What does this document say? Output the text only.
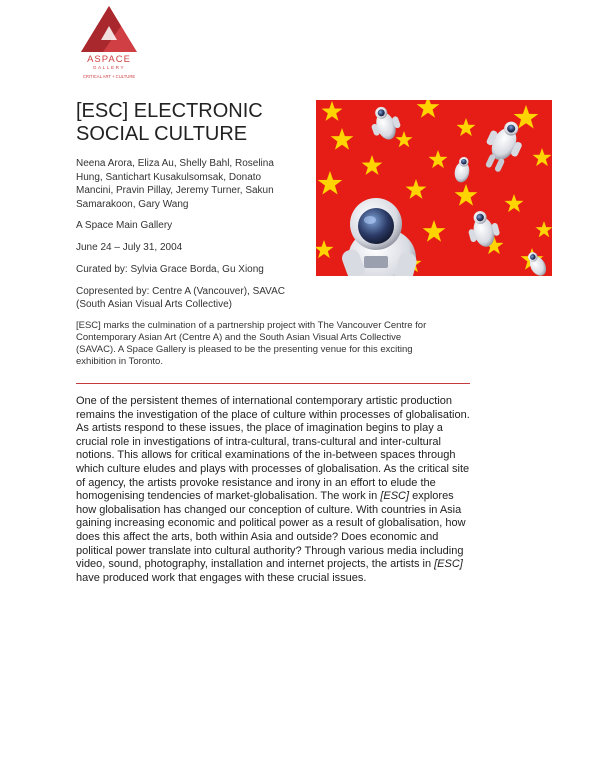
ASPACE
GALLERY
CRITICAL ART + CULTURE
[ESC] ELECTRONIC SOCIAL CULTURE
Neena Arora, Eliza Au, Shelly Bahl, Roselina Hung, Santichart Kusakulsomsak, Donato Mancini, Pravin Pillay, Jeremy Turner, Sakun Samarakoon, Gary Wang
A Space Main Gallery
June 24 – July 31, 2004
Curated by: Sylvia Grace Borda, Gu Xiong
Copresented by: Centre A (Vancouver), SAVAC (South Asian Visual Arts Collective)
[ESC] marks the culmination of a partnership project with The Vancouver Centre for Contemporary Asian Art (Centre A) and the South Asian Visual Arts Collective (SAVAC). A Space Gallery is pleased to be the presenting venue for this exciting exhibition in Toronto.
One of the persistent themes of international contemporary artistic production remains the investigation of the place of culture within processes of globalisation. As artists respond to these issues, the place of imagination begins to play a crucial role in investigations of intra-cultural, trans-cultural and inter-cultural notions. This allows for critical examinations of the in-between spaces through which culture eludes and plays with processes of globalisation. As the critical site of agency, the artists provoke resistance and irony in an effort to elude the homogenising tendencies of market-globalisation. The work in [ESC] explores how globalisation has changed our conception of culture. With countries in Asia gaining increasing economic and political power as a result of globalisation, how does this affect the arts, both within Asia and outside? Does economic and political power translate into cultural authority? Through various media including video, sound, photography, installation and internet projects, the artists in [ESC] have produced work that engages with these crucial issues.
